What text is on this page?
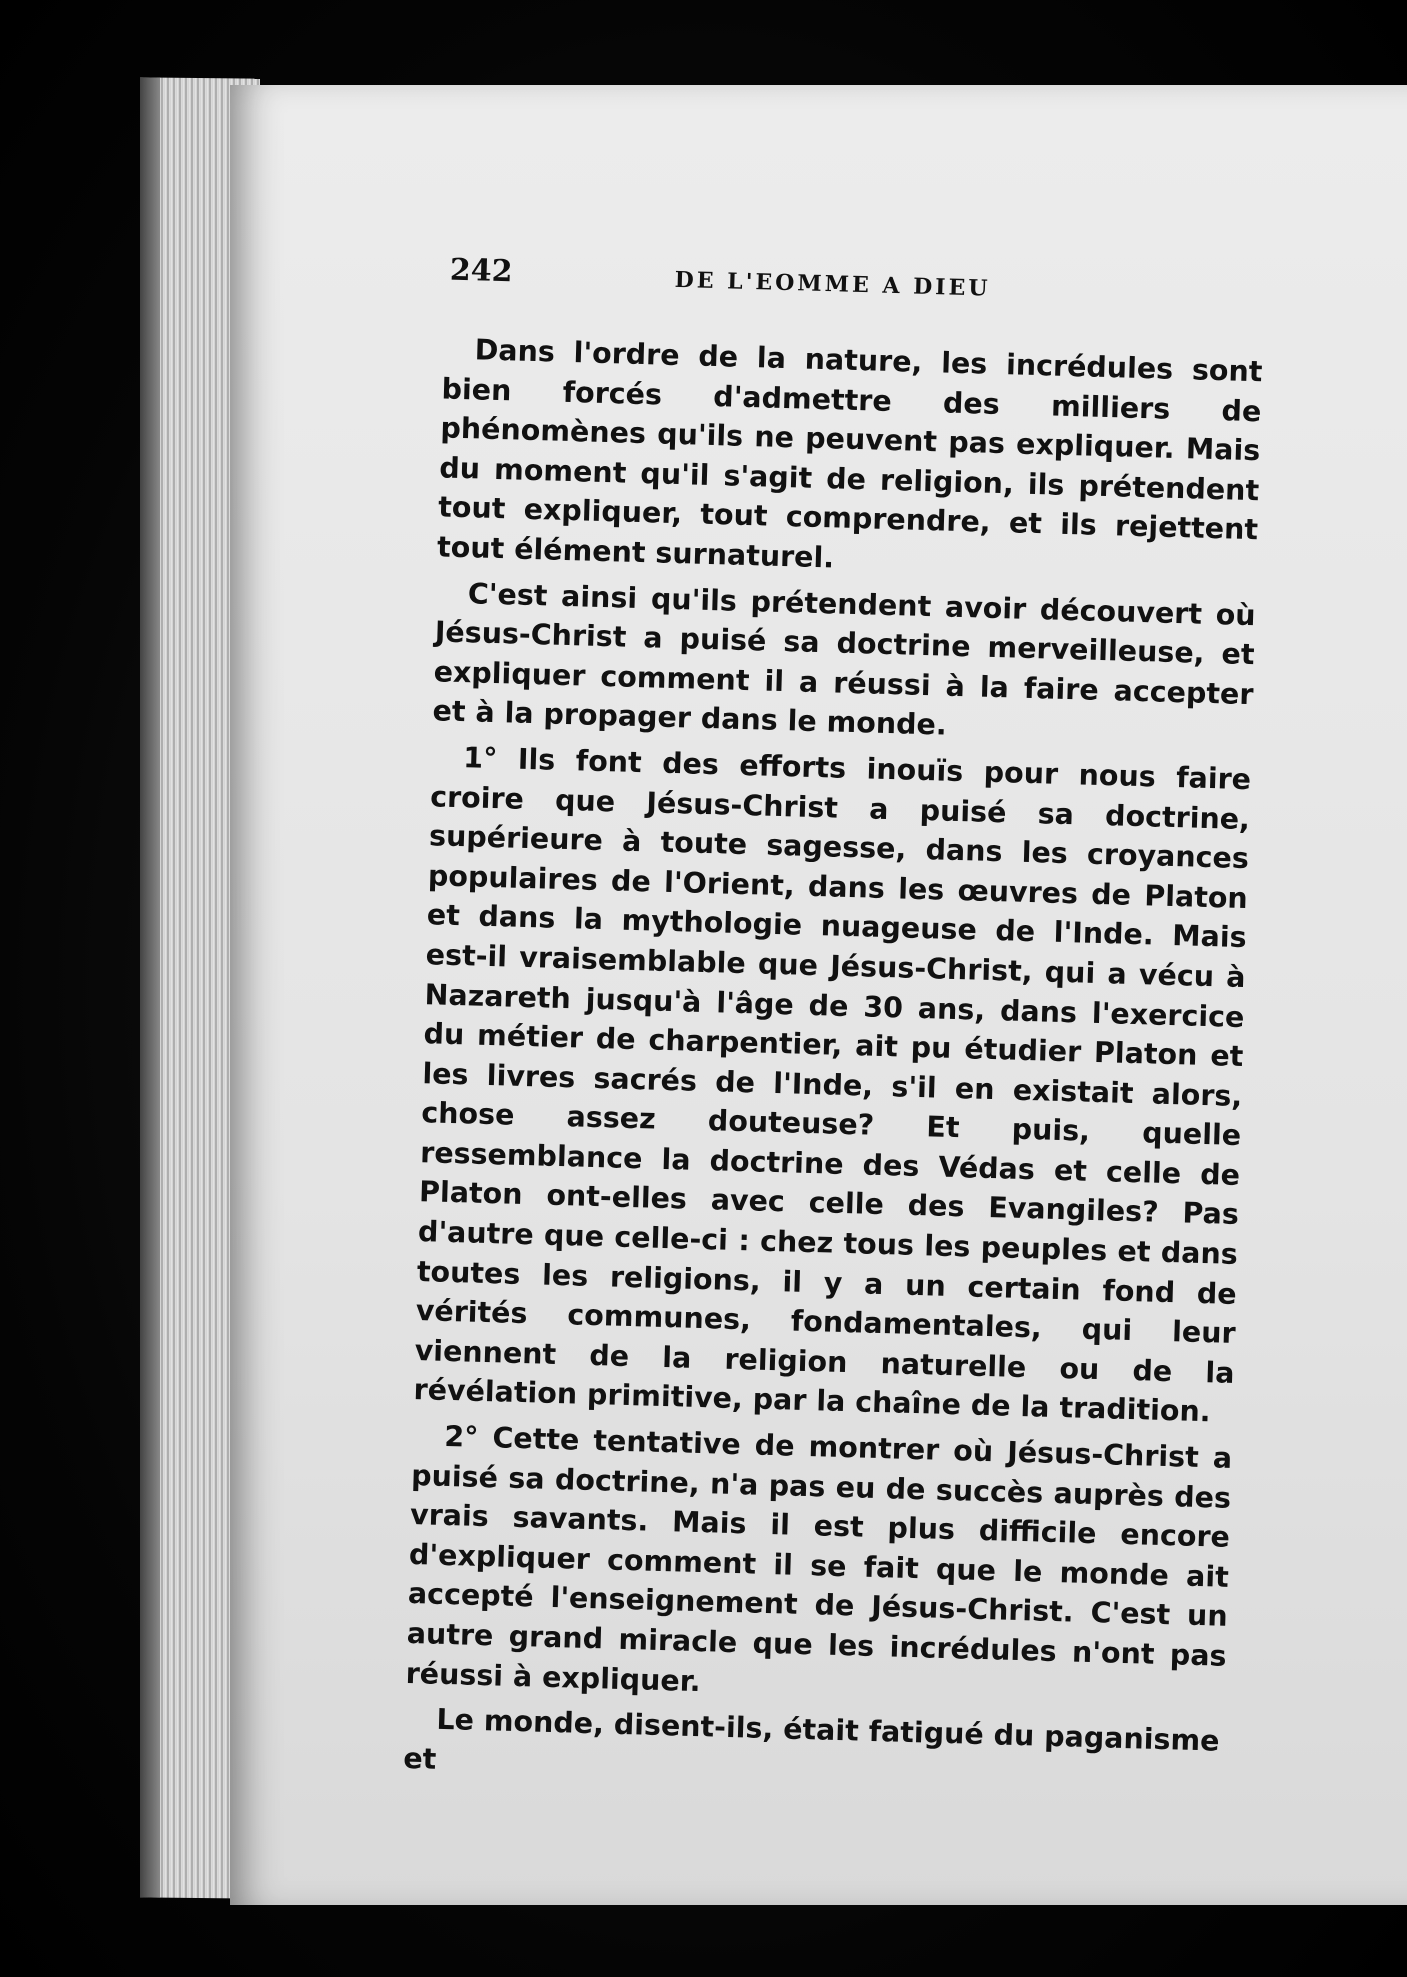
242	DE L'EOMME A DIEU

Dans l'ordre de la nature, les incrédules sont bien forcés d'admettre des milliers de phénomènes qu'ils ne peuvent pas expliquer. Mais du moment qu'il s'agit de religion, ils prétendent tout expliquer, tout comprendre, et ils rejettent tout élément surnaturel.

C'est ainsi qu'ils prétendent avoir découvert où Jésus-Christ a puisé sa doctrine merveilleuse, et expliquer comment il a réussi à la faire accepter et à la propager dans le monde.

1° Ils font des efforts inouïs pour nous faire croire que Jésus-Christ a puisé sa doctrine, supérieure à toute sagesse, dans les croyances populaires de l'Orient, dans les œuvres de Platon et dans la mythologie nuageuse de l'Inde. Mais est-il vraisemblable que Jésus-Christ, qui a vécu à Nazareth jusqu'à l'âge de 30 ans, dans l'exercice du métier de charpentier, ait pu étudier Platon et les livres sacrés de l'Inde, s'il en existait alors, chose assez douteuse? Et puis, quelle ressemblance la doctrine des Védas et celle de Platon ont-elles avec celle des Evangiles? Pas d'autre que celle-ci : chez tous les peuples et dans toutes les religions, il y a un certain fond de vérités communes, fondamentales, qui leur viennent de la religion naturelle ou de la révélation primitive, par la chaîne de la tradition.

2° Cette tentative de montrer où Jésus-Christ a puisé sa doctrine, n'a pas eu de succès auprès des vrais savants. Mais il est plus difficile encore d'expliquer comment il se fait que le monde ait accepté l'enseignement de Jésus-Christ. C'est un autre grand miracle que les incrédules n'ont pas réussi à expliquer.

Le monde, disent-ils, était fatigué du paganisme et
